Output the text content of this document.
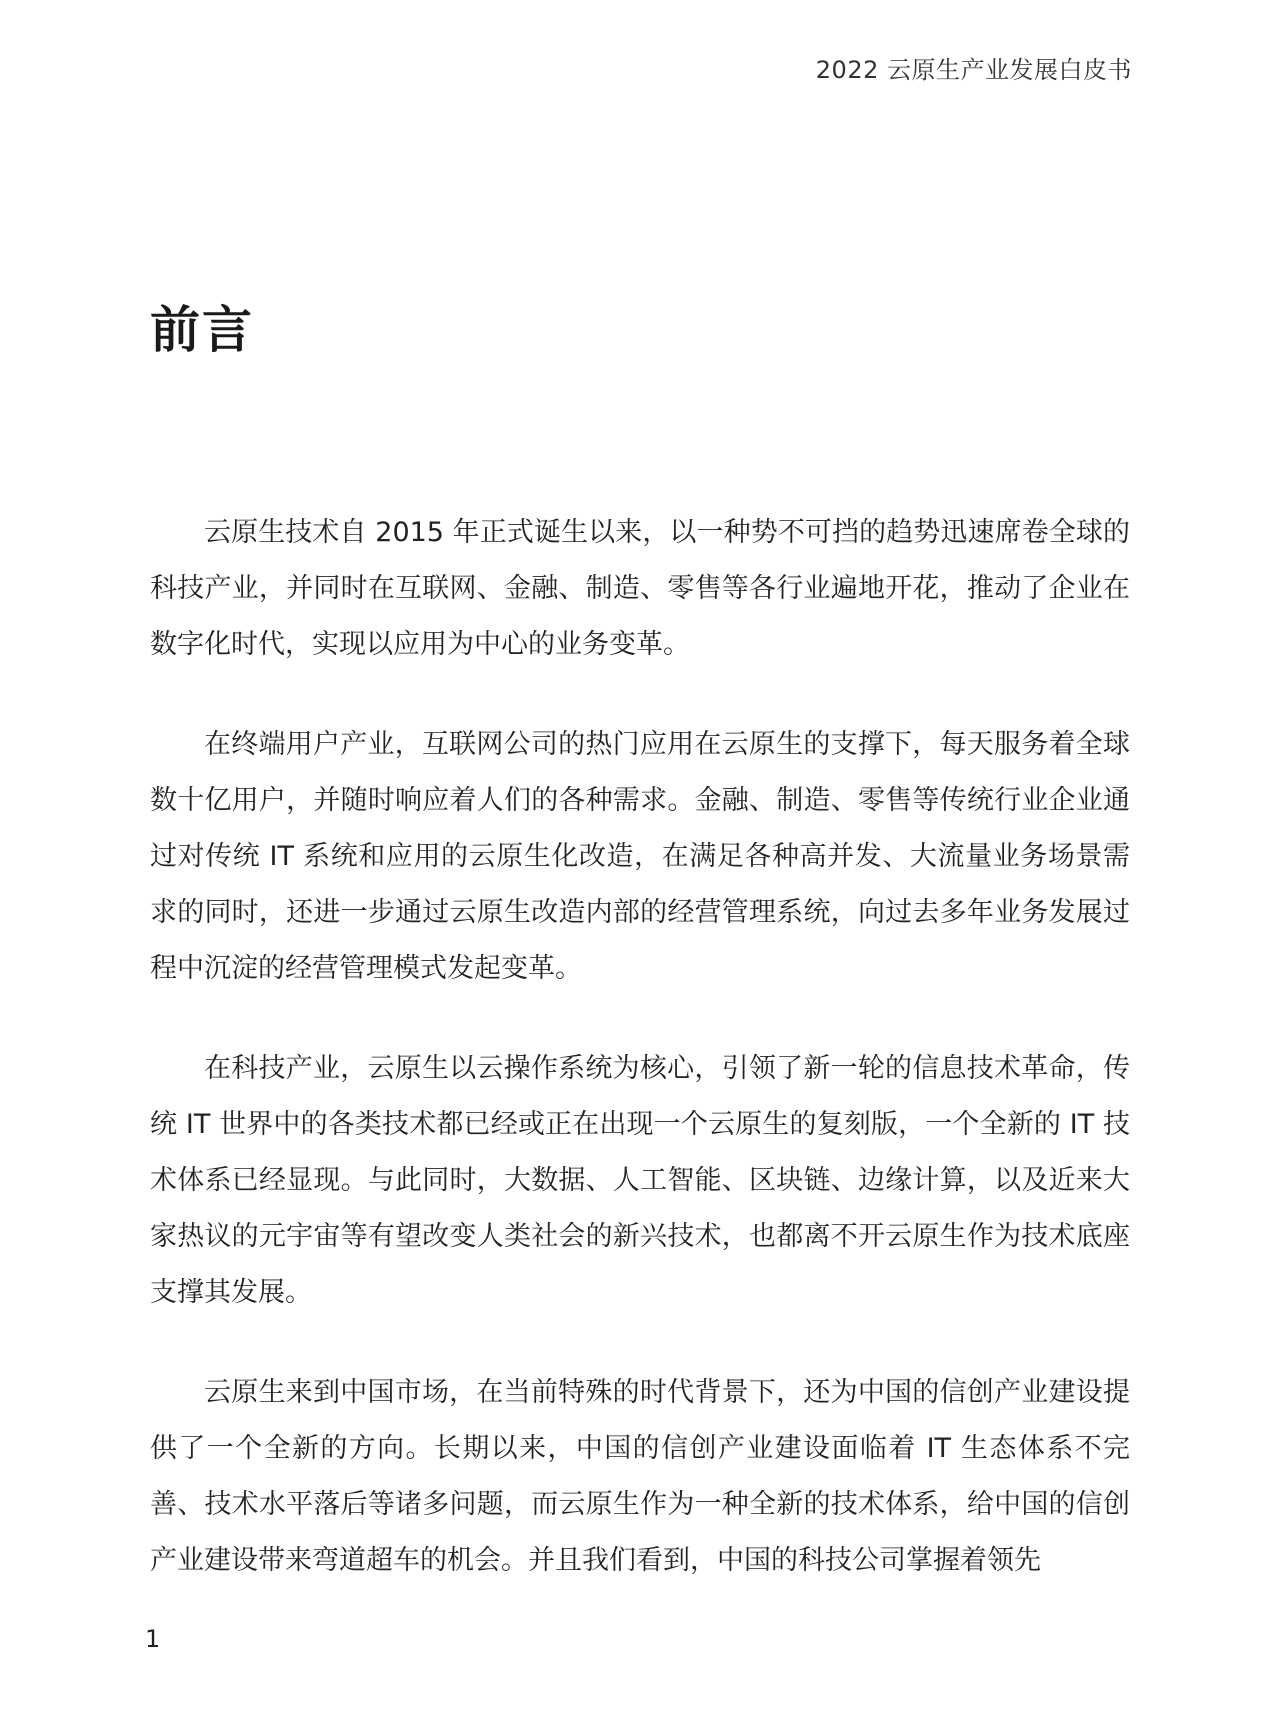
2022 云原生产业发展白皮书
前言

云原生技术自 2015 年正式诞生以来，以一种势不可挡的趋势迅速席卷全球的科技产业，并同时在互联网、金融、制造、零售等各行业遍地开花，推动了企业在数字化时代，实现以应用为中心的业务变革。

在终端用户产业，互联网公司的热门应用在云原生的支撑下，每天服务着全球数十亿用户，并随时响应着人们的各种需求。金融、制造、零售等传统行业企业通过对传统 IT 系统和应用的云原生化改造，在满足各种高并发、大流量业务场景需求的同时，还进一步通过云原生改造内部的经营管理系统，向过去多年业务发展过程中沉淀的经营管理模式发起变革。

在科技产业，云原生以云操作系统为核心，引领了新一轮的信息技术革命，传统 IT 世界中的各类技术都已经或正在出现一个云原生的复刻版，一个全新的 IT 技术体系已经显现。与此同时，大数据、人工智能、区块链、边缘计算，以及近来大家热议的元宇宙等有望改变人类社会的新兴技术，也都离不开云原生作为技术底座支撑其发展。

云原生来到中国市场，在当前特殊的时代背景下，还为中国的信创产业建设提供了一个全新的方向。长期以来，中国的信创产业建设面临着 IT 生态体系不完善、技术水平落后等诸多问题，而云原生作为一种全新的技术体系，给中国的信创产业建设带来弯道超车的机会。并且我们看到，中国的科技公司掌握着领先

1
